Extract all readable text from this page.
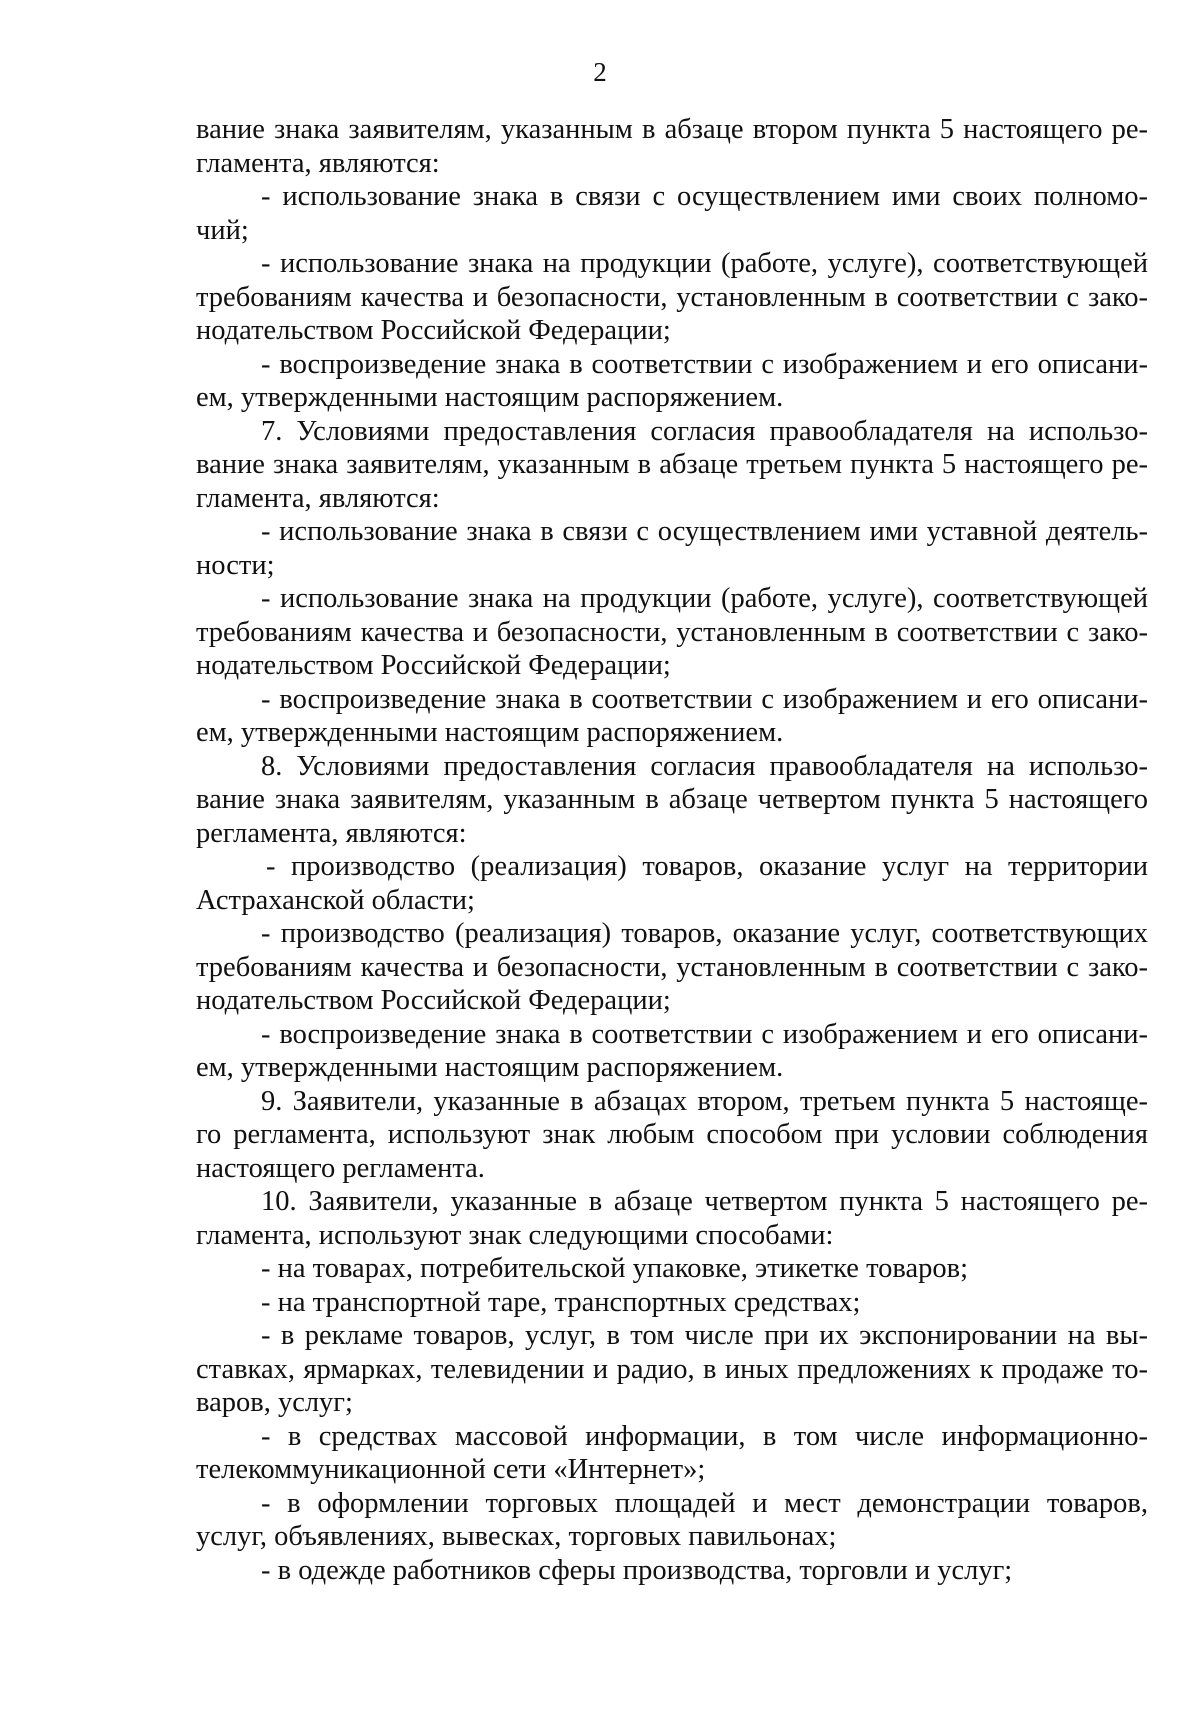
2
вание знака заявителям, указанным в абзаце втором пункта 5 настоящего ре-
гламента, являются:
- использование знака в связи с осуществлением ими своих полномо-
чий;
- использование знака на продукции (работе, услуге), соответствующей
требованиям качества и безопасности, установленным в соответствии с зако-
нодательством Российской Федерации;
- воспроизведение знака в соответствии с изображением и его описани-
ем, утвержденными настоящим распоряжением.
7. Условиями предоставления согласия правообладателя на использо-
вание знака заявителям, указанным в абзаце третьем пункта 5 настоящего ре-
гламента, являются:
- использование знака в связи с осуществлением ими уставной деятель-
ности;
- использование знака на продукции (работе, услуге), соответствующей
требованиям качества и безопасности, установленным в соответствии с зако-
нодательством Российской Федерации;
- воспроизведение знака в соответствии с изображением и его описани-
ем, утвержденными настоящим распоряжением.
8. Условиями предоставления согласия правообладателя на использо-
вание знака заявителям, указанным в абзаце четвертом пункта 5 настоящего
регламента, являются:
- производство (реализация) товаров, оказание услуг на территории
Астраханской области;
- производство (реализация) товаров, оказание услуг, соответствующих
требованиям качества и безопасности, установленным в соответствии с зако-
нодательством Российской Федерации;
- воспроизведение знака в соответствии с изображением и его описани-
ем, утвержденными настоящим распоряжением.
9. Заявители, указанные в абзацах втором, третьем пункта 5 настояще-
го регламента, используют знак любым способом при условии соблюдения
настоящего регламента.
10. Заявители, указанные в абзаце четвертом пункта 5 настоящего ре-
гламента, используют знак следующими способами:
- на товарах, потребительской упаковке, этикетке товаров;
- на транспортной таре, транспортных средствах;
- в рекламе товаров, услуг, в том числе при их экспонировании на вы-
ставках, ярмарках, телевидении и радио, в иных предложениях к продаже то-
варов, услуг;
- в средствах массовой информации, в том числе информационно-
телекоммуникационной сети «Интернет»;
- в оформлении торговых площадей и мест демонстрации товаров,
услуг, объявлениях, вывесках, торговых павильонах;
- в одежде работников сферы производства, торговли и услуг;
